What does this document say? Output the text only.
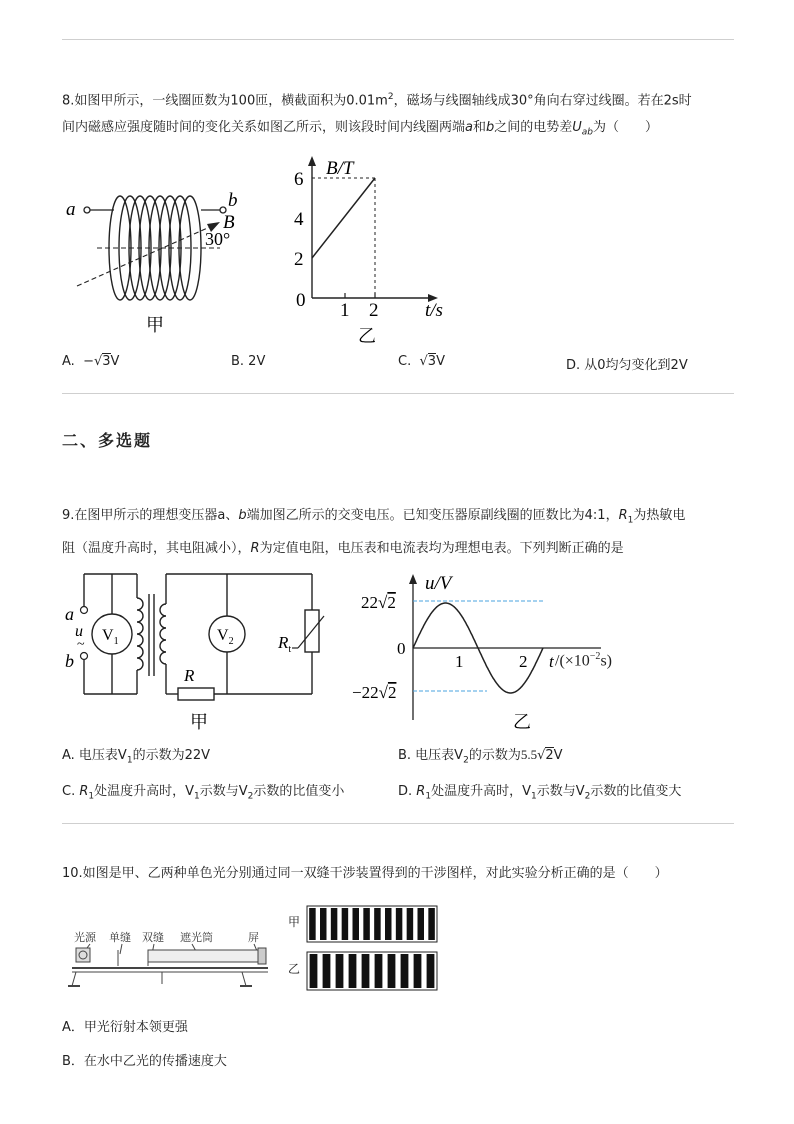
8.如图甲所示，一线圈匝数为100匝，横截面积为$0.01m^2$，磁场与线圈轴线成30°角向右穿过线圈。若在2s时
间内磁感应强度随时间的变化关系如图乙所示，则该段时间内线圈两端a和b之间的电势差$U_{ab}$为（　　）
a	b
B
30°
甲
B/T
t/s
6
4
2
0 1 2
乙
A. −√3V	B. 2V	C. √3V	D. 从0均匀变化到2V
二、多选题
9.在图甲所示的理想变压器a、b端加图乙所示的交变电压。已知变压器原副线圈的匝数比为4:1，$R_1$为热敏电
阻（温度升高时，其电阻减小），R为定值电阻，电压表和电流表均为理想电表。下列判断正确的是
a
u
~
b
$V_1$	$V_2$
R
$R_t$
甲
u/V
22√2
−22√2
0
1	2 t
乙
$/(\times 10^{-2}s)$
A. 电压表$V_1$的示数为22V	B. 电压表$V_2$的示数为5.5√2V
C. $R_1$处温度升高时，$V_1$示数与$V_2$示数的比值变小	D. $R_1$处温度升高时，$V_1$示数与$V_2$示数的比值变大
10.如图是甲、乙两种单色光分别通过同一双缝干涉装置得到的干涉图样，对此实验分析正确的是（　　）
光源 单缝 双缝 遮光筒	屏
甲
乙
A．甲光衍射本领更强
B．在水中乙光的传播速度大
